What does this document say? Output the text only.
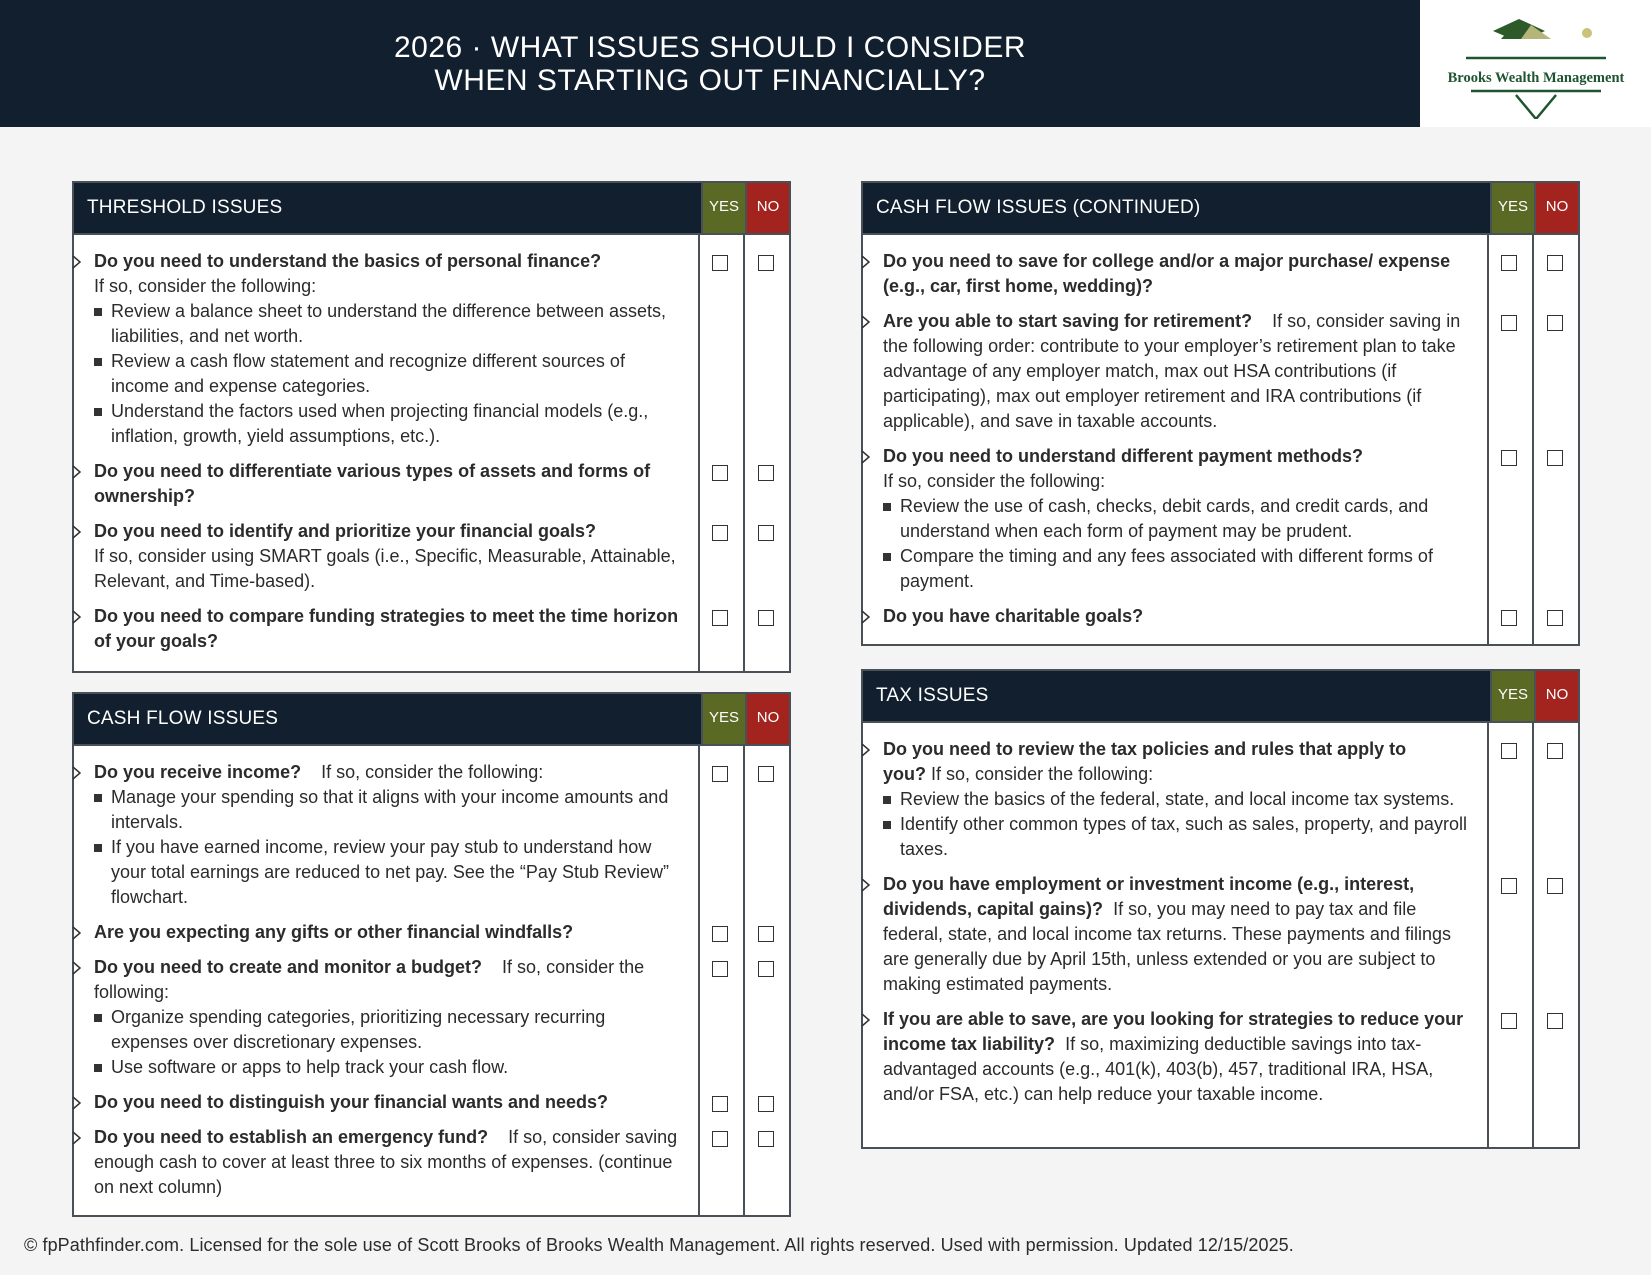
2026 · WHAT ISSUES SHOULD I CONSIDER
WHEN STARTING OUT FINANCIALLY?	Brooks Wealth Management
THRESHOLD ISSUES	YES	NO
Do you need to understand the basics of personal finance?
If so, consider the following:
Review a balance sheet to understand the difference between assets, liabilities, and net worth.
Review a cash flow statement and recognize different sources of income and expense categories.
Understand the factors used when projecting financial models (e.g., inflation, growth, yield assumptions, etc.).
Do you need to differentiate various types of assets and forms of ownership?
Do you need to identify and prioritize your financial goals?
If so, consider using SMART goals (i.e., Specific, Measurable, Attainable, Relevant, and Time-based).
Do you need to compare funding strategies to meet the time horizon of your goals?
CASH FLOW ISSUES	YES	NO
Do you receive income? If so, consider the following:
Manage your spending so that it aligns with your income amounts and intervals.
If you have earned income, review your pay stub to understand how your total earnings are reduced to net pay. See the “Pay Stub Review” flowchart.
Are you expecting any gifts or other financial windfalls?
Do you need to create and monitor a budget? If so, consider the following:
Organize spending categories, prioritizing necessary recurring expenses over discretionary expenses.
Use software or apps to help track your cash flow.
Do you need to distinguish your financial wants and needs?
Do you need to establish an emergency fund? If so, consider saving enough cash to cover at least three to six months of expenses. (continue on next column)
CASH FLOW ISSUES (CONTINUED)	YES	NO
Do you need to save for college and/or a major purchase/ expense (e.g., car, first home, wedding)?
Are you able to start saving for retirement? If so, consider saving in the following order: contribute to your employer’s retirement plan to take advantage of any employer match, max out HSA contributions (if participating), max out employer retirement and IRA contributions (if applicable), and save in taxable accounts.
Do you need to understand different payment methods?
If so, consider the following:
Review the use of cash, checks, debit cards, and credit cards, and understand when each form of payment may be prudent.
Compare the timing and any fees associated with different forms of payment.
Do you have charitable goals?
TAX ISSUES	YES	NO
Do you need to review the tax policies and rules that apply to you? If so, consider the following:
Review the basics of the federal, state, and local income tax systems.
Identify other common types of tax, such as sales, property, and payroll taxes.
Do you have employment or investment income (e.g., interest, dividends, capital gains)? If so, you may need to pay tax and file federal, state, and local income tax returns. These payments and filings are generally due by April 15th, unless extended or you are subject to making estimated payments.
If you are able to save, are you looking for strategies to reduce your income tax liability? If so, maximizing deductible savings into tax-advantaged accounts (e.g., 401(k), 403(b), 457, traditional IRA, HSA, and/or FSA, etc.) can help reduce your taxable income.
© fpPathfinder.com. Licensed for the sole use of Scott Brooks of Brooks Wealth Management. All rights reserved. Used with permission. Updated 12/15/2025.
